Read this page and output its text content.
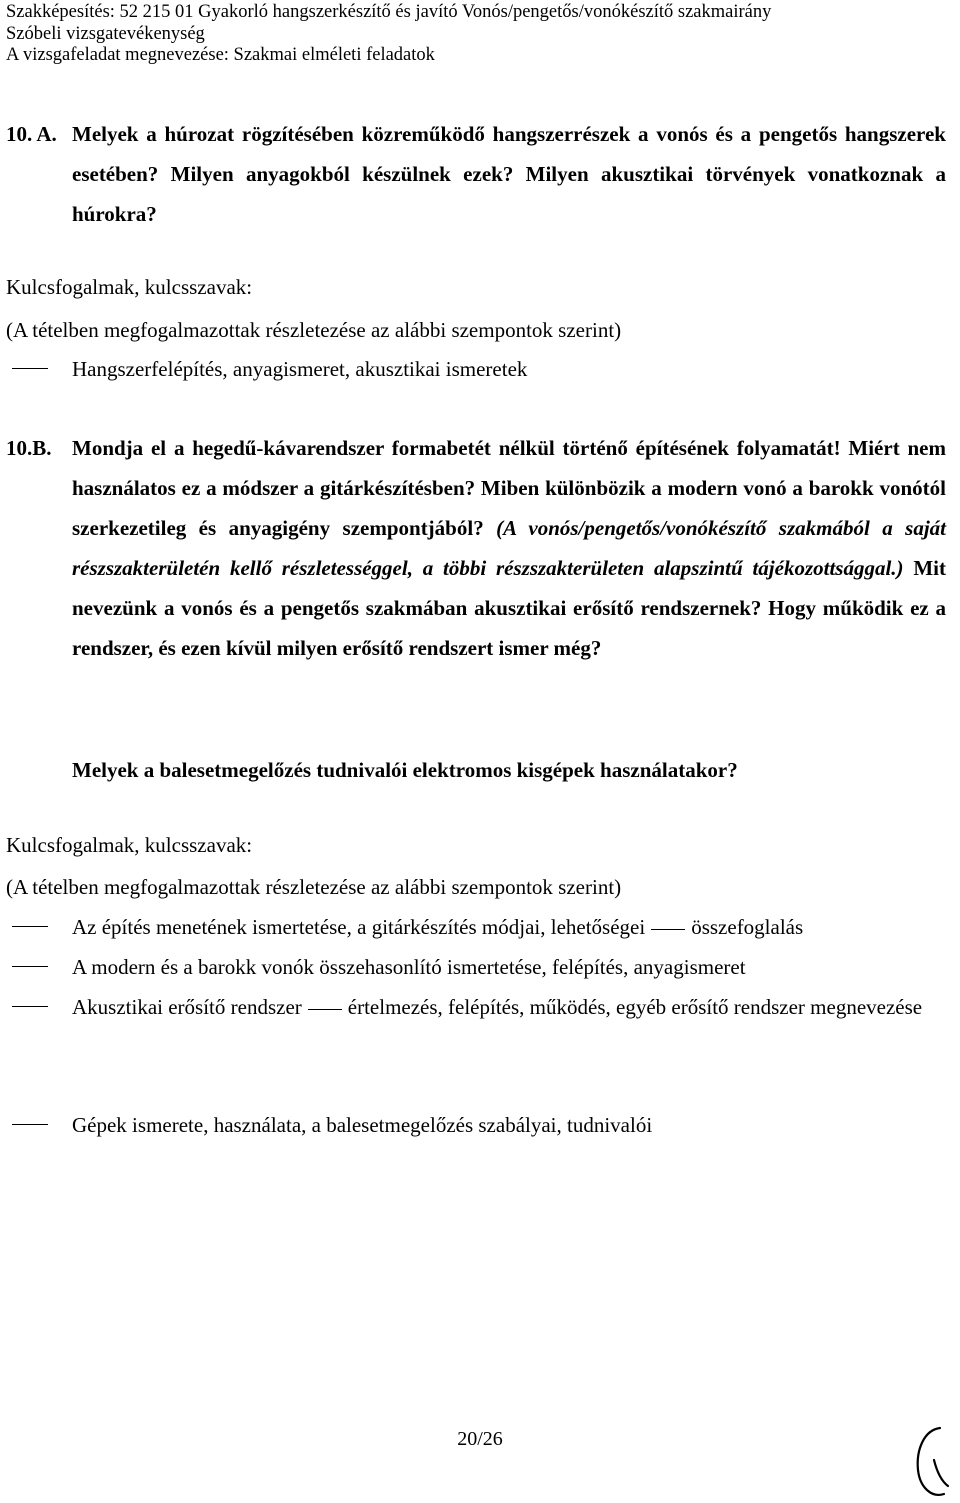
Szakképesítés: 52 215 01 Gyakorló hangszerkészítő és javító Vonós/pengetős/vonókészítő szakmairány
Szóbeli vizsgatevékenység
A vizsgafeladat megnevezése: Szakmai elméleti feladatok
10. A. Melyek a húrozat rögzítésében közreműködő hangszerrészek a vonós és a pengetős hangszerek esetében? Milyen anyagokból készülnek ezek? Milyen akusztikai törvények vonatkoznak a húrokra?
Kulcsfogalmak, kulcsszavak:
(A tételben megfogalmazottak részletezése az alábbi szempontok szerint)
Hangszerfelépítés, anyagismeret, akusztikai ismeretek
10.B. Mondja el a hegedű-kávarendszer formabetét nélkül történő építésének folyamatát! Miért nem használatos ez a módszer a gitárkészítésben? Miben különbözik a modern vonó a barokk vonótól szerkezetileg és anyagigény szempontjából? (A vonós/pengetős/vonókészítő szakmából a saját részszakterületén kellő részletességgel, a többi részszakterületen alapszintű tájékozottsággal.) Mit nevezünk a vonós és a pengetős szakmában akusztikai erősítő rendszernek? Hogy működik ez a rendszer, és ezen kívül milyen erősítő rendszert ismer még?
Melyek a balesetmegelőzés tudnivalói elektromos kisgépek használatakor?
Kulcsfogalmak, kulcsszavak:
(A tételben megfogalmazottak részletezése az alábbi szempontok szerint)
Az építés menetének ismertetése, a gitárkészítés módjai, lehetőségei összefoglalás
A modern és a barokk vonók összehasonlító ismertetése, felépítés, anyagismeret
Akusztikai erősítő rendszer értelmezés, felépítés, működés, egyéb erősítő rendszer megnevezése
Gépek ismerete, használata, a balesetmegelőzés szabályai, tudnivalói
20/26
